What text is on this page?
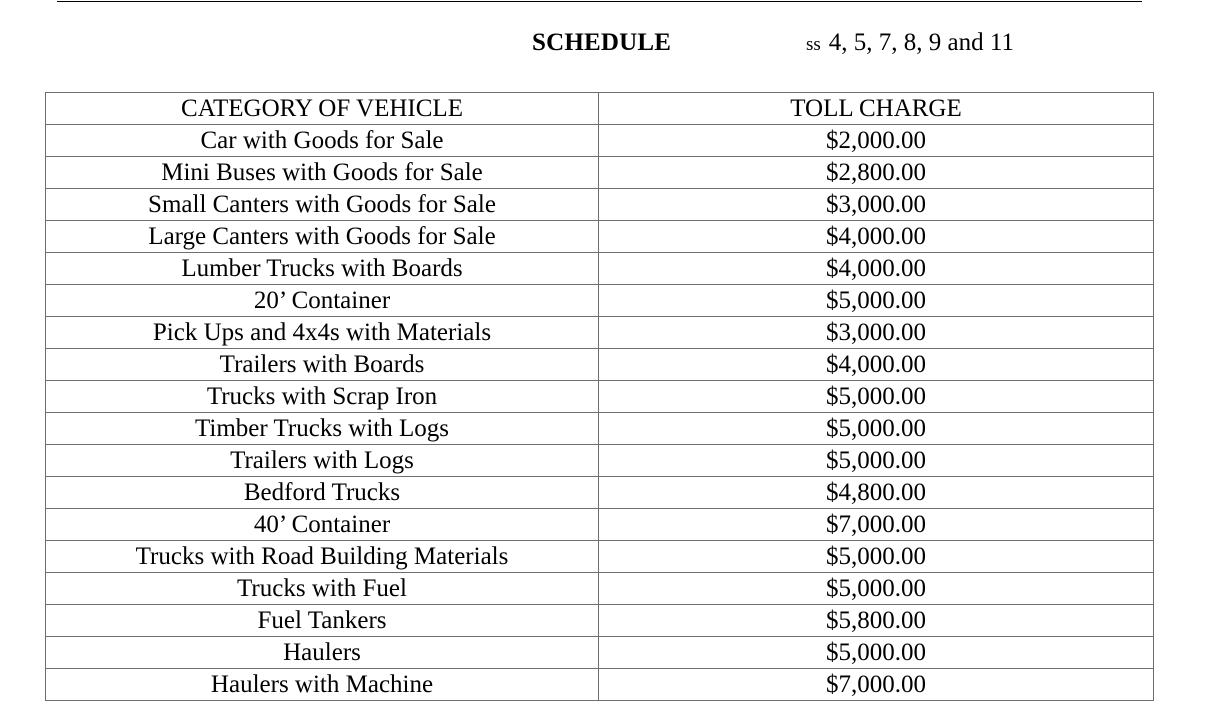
SCHEDULE	ss 4, 5, 7, 8, 9 and 11
CATEGORY OF VEHICLE	TOLL CHARGE
Car with Goods for Sale	$2,000.00
Mini Buses with Goods for Sale	$2,800.00
Small Canters with Goods for Sale	$3,000.00
Large Canters with Goods for Sale	$4,000.00
Lumber Trucks with Boards	$4,000.00
20’ Container	$5,000.00
Pick Ups and 4x4s with Materials	$3,000.00
Trailers with Boards	$4,000.00
Trucks with Scrap Iron	$5,000.00
Timber Trucks with Logs	$5,000.00
Trailers with Logs	$5,000.00
Bedford Trucks	$4,800.00
40’ Container	$7,000.00
Trucks with Road Building Materials	$5,000.00
Trucks with Fuel	$5,000.00
Fuel Tankers	$5,800.00
Haulers	$5,000.00
Haulers with Machine	$7,000.00
